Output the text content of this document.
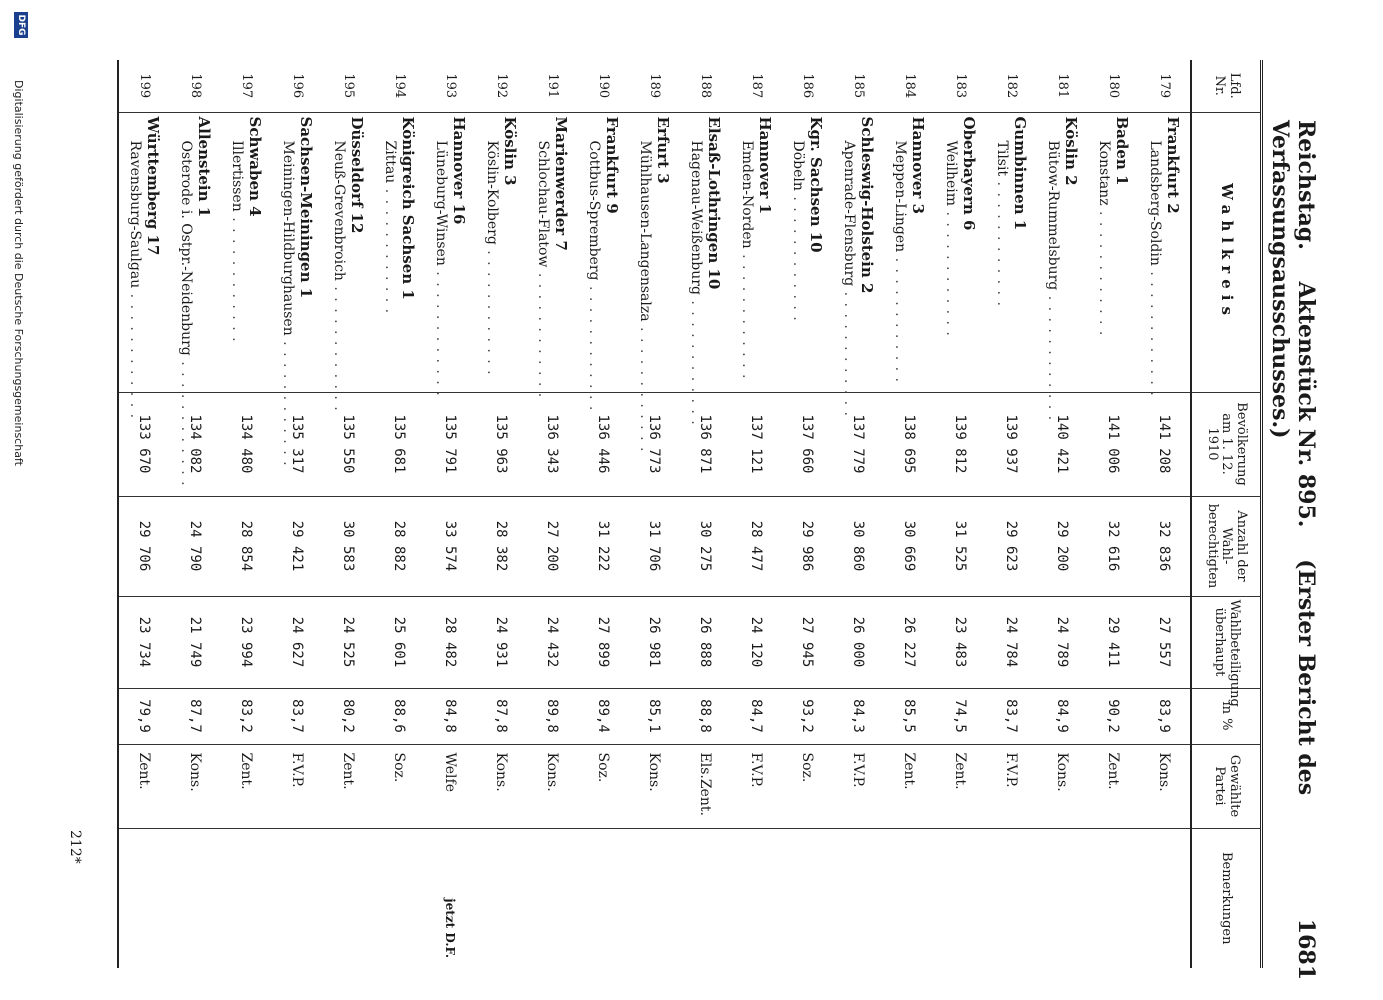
Reichstag. Aktenstück Nr. 895. (Erster Bericht des Verfassungsausschusses.)
1681
Lfd. Nr.	Wahlkreis	Bevölkerung am 1. 12. 1910	Anzahl der Wahl-berechtigten	Wahlbeteiligung überhaupt	in %	Gewählte Partei	Bemerkungen
179	Frankfurt 2
Landsberg-Soldin . . .	141 208	32 836	27 557	83,9	Kons.	
180	Baden 1
Konstanz . . .	141 006	32 616	29 411	90,2	Zent.	
181	Köslin 2
Bütow-Rummelsburg . . .	140 421	29 200	24 789	84,9	Kons.	
182	Gumbinnen 1
Tilsit . . .	139 937	29 623	24 784	83,7	F.V.P.	
183	Oberbayern 6
Weilheim . . .	139 812	31 525	23 483	74,5	Zent.	
184	Hannover 3
Meppen-Lingen . . .	138 695	30 669	26 227	85,5	Zent.	
185	Schleswig-Holstein 2
Apenrade-Flensburg . . .	137 779	30 860	26 000	84,3	F.V.P.	
186	Kgr. Sachsen 10
Döbeln . . .	137 660	29 986	27 945	93,2	Soz.	
187	Hannover 1
Emden-Norden . . .	137 121	28 477	24 120	84,7	F.V.P.	
188	Elsaß-Lothringen 10
Hagenau-Weißenburg . . .	136 871	30 275	26 888	88,8	Els.Zent.	
189	Erfurt 3
Mühlhausen-Langensalza . . .	136 773	31 706	26 981	85,1	Kons.	
190	Frankfurt 9
Cottbus-Spremberg . . .	136 446	31 222	27 899	89,4	Soz.	
191	Marienwerder 7
Schlochau-Flatow . . .	136 343	27 200	24 432	89,8	Kons.	
192	Köslin 3
Köslin-Kolberg . . .	135 963	28 382	24 931	87,8	Kons.	
193	Hannover 16
Lüneburg-Winsen . . .	135 791	33 574	28 482	84,8	Welfe	jetzt D.F.
194	Königreich Sachsen 1
Zittau . . .	135 681	28 882	25 601	88,6	Soz.	
195	Düsseldorf 12
Neuß-Grevenbroich . . .	135 550	30 583	24 525	80,2	Zent.	
196	Sachsen-Meiningen 1
Meiningen-Hildburghausen . . .	135 317	29 421	24 627	83,7	F.V.P.	
197	Schwaben 4
Illertissen . . .	134 480	28 854	23 994	83,2	Zent.	
198	Allenstein 1
Osterode i. Ostpr.-Neidenburg . . .	134 082	24 790	21 749	87,7	Kons.	
199	Württemberg 17
Ravensburg-Saulgau . . .	133 670	29 706	23 734	79,9	Zent.	
212*
DFG
Digitalisierung gefördert durch die Deutsche Forschungsgemeinschaft
